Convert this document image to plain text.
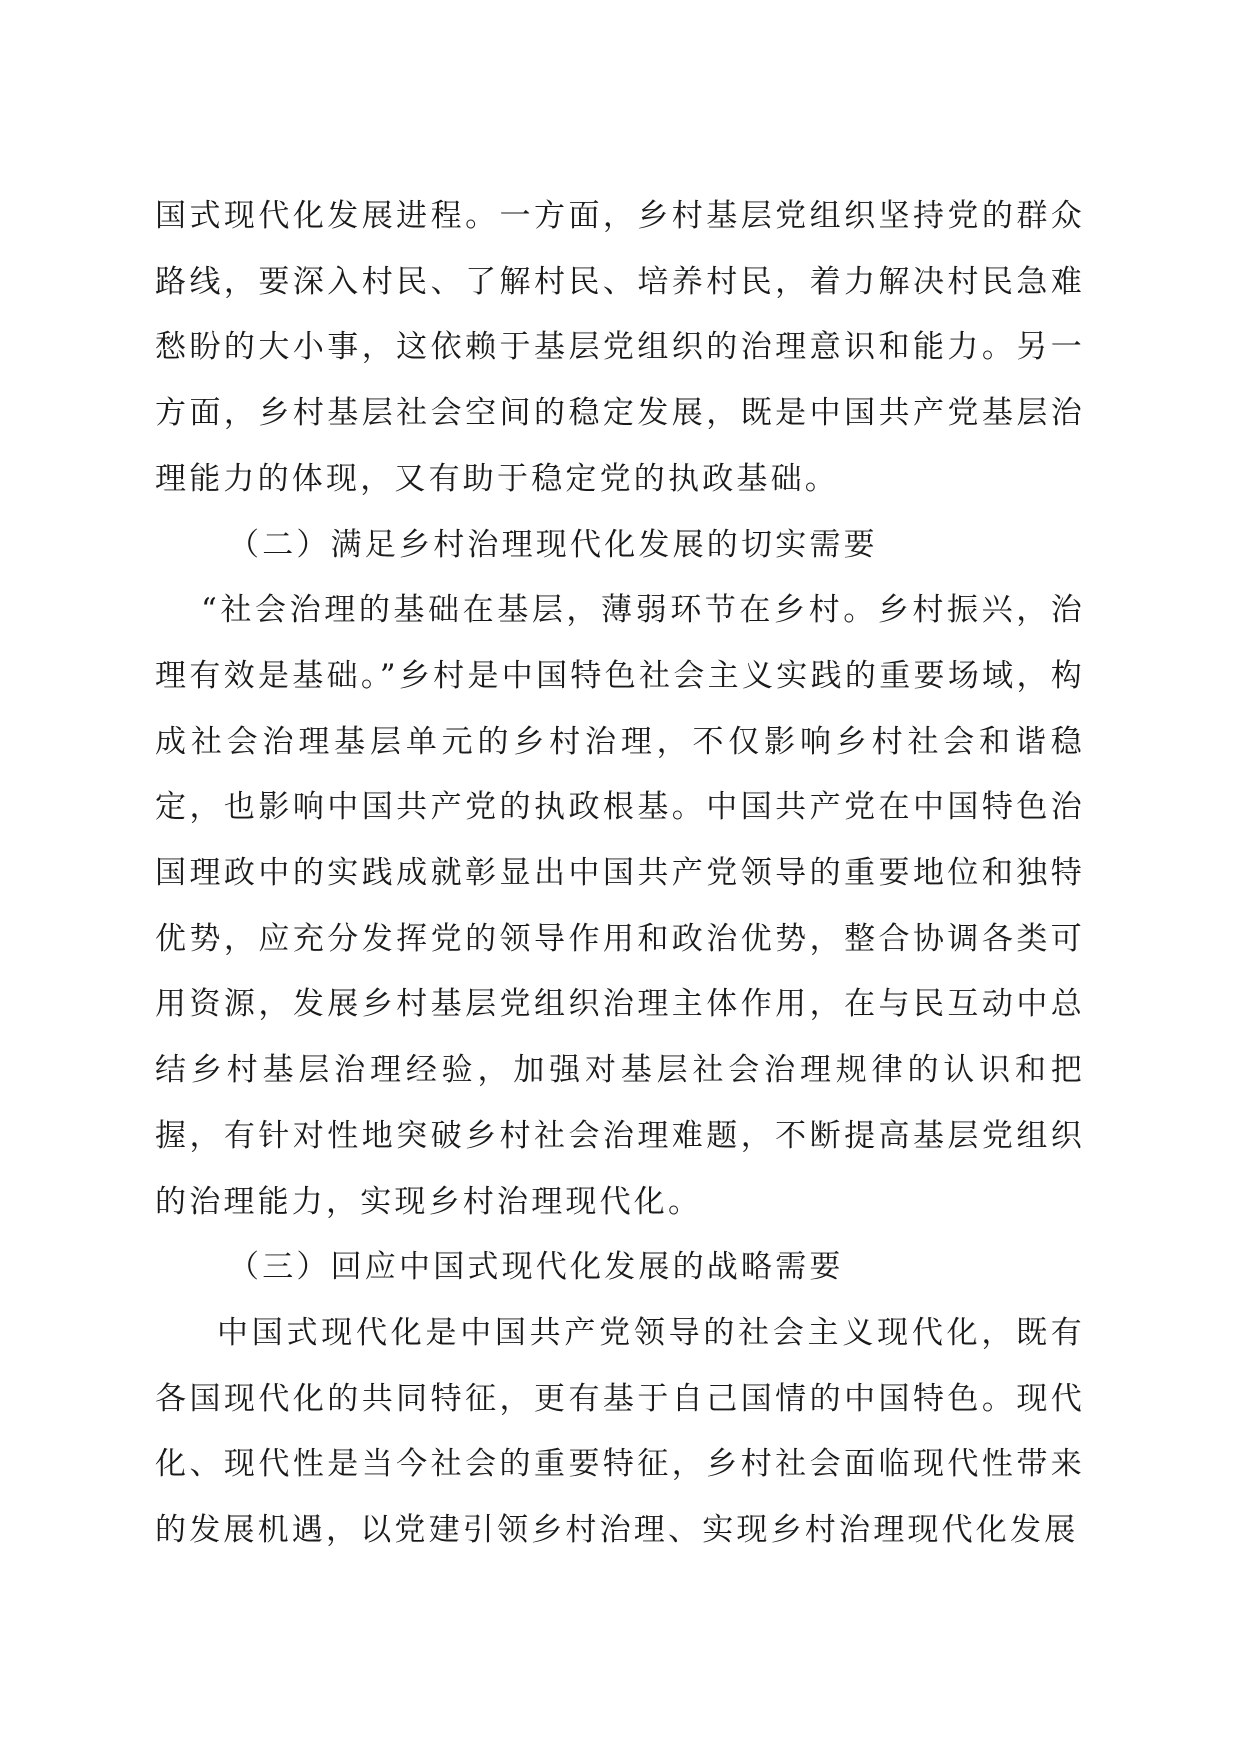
国式现代化发展进程。一方面，乡村基层党组织坚持党的群众路线，要深入村民、了解村民、培养村民，着力解决村民急难愁盼的大小事，这依赖于基层党组织的治理意识和能力。另一方面，乡村基层社会空间的稳定发展，既是中国共产党基层治理能力的体现，又有助于稳定党的执政基础。

（二）满足乡村治理现代化发展的切实需要

“社会治理的基础在基层，薄弱环节在乡村。乡村振兴，治理有效是基础。”乡村是中国特色社会主义实践的重要场域，构成社会治理基层单元的乡村治理，不仅影响乡村社会和谐稳定，也影响中国共产党的执政根基。中国共产党在中国特色治国理政中的实践成就彰显出中国共产党领导的重要地位和独特优势，应充分发挥党的领导作用和政治优势，整合协调各类可用资源，发展乡村基层党组织治理主体作用，在与民互动中总结乡村基层治理经验，加强对基层社会治理规律的认识和把握，有针对性地突破乡村社会治理难题，不断提高基层党组织的治理能力，实现乡村治理现代化。

（三）回应中国式现代化发展的战略需要

中国式现代化是中国共产党领导的社会主义现代化，既有各国现代化的共同特征，更有基于自己国情的中国特色。现代化、现代性是当今社会的重要特征，乡村社会面临现代性带来的发展机遇，以党建引领乡村治理、实现乡村治理现代化发展
